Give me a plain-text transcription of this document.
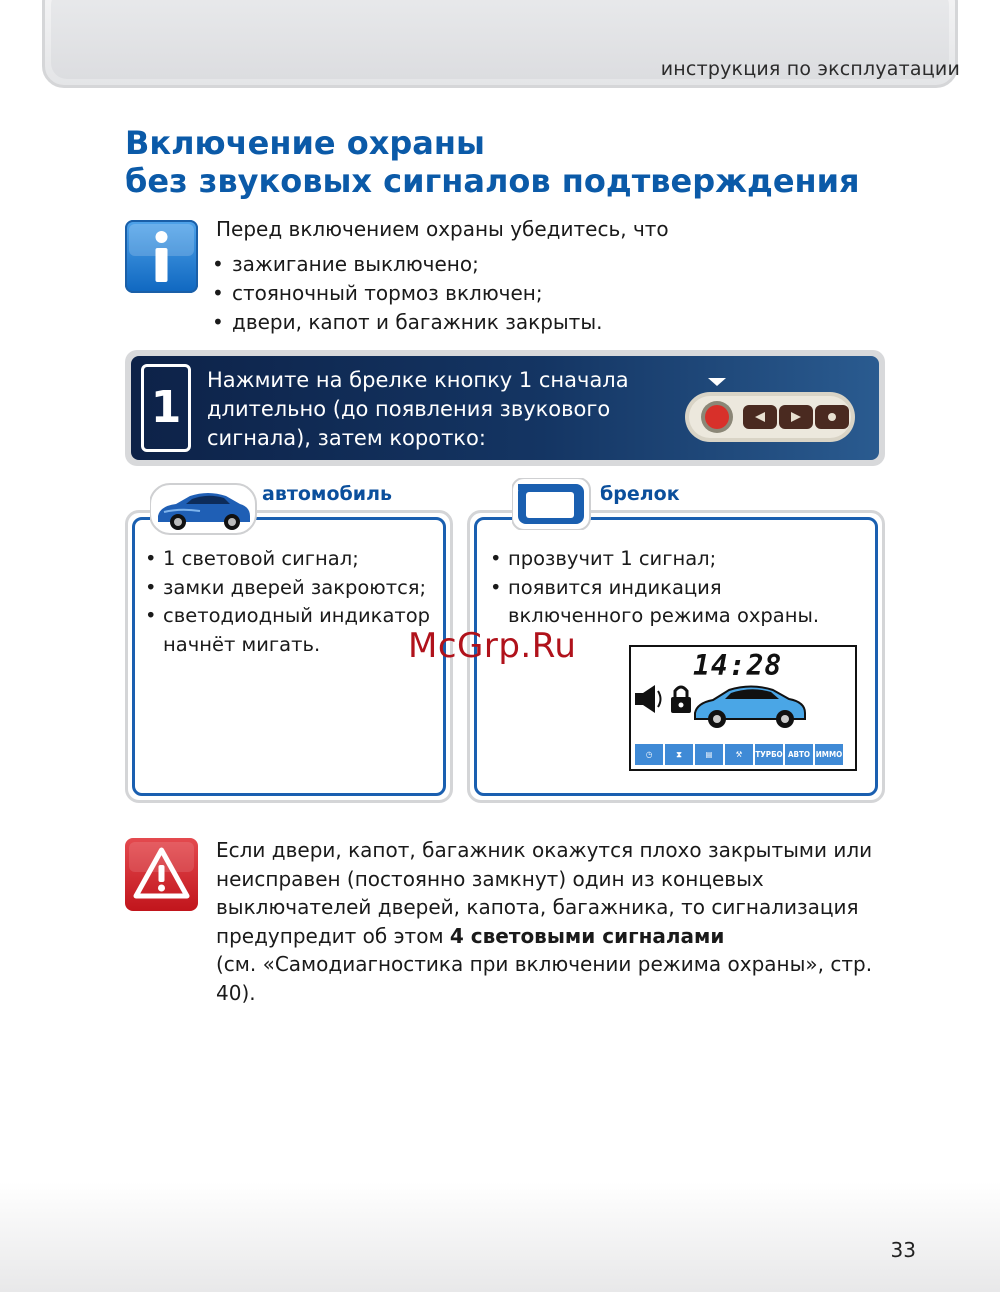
инструкция по эксплуатации
Включение охраны
без звуковых сигналов подтверждения
Перед включением охраны убедитесь, что
• зажигание выключено;
• стояночный тормоз включен;
• двери, капот и багажник закрыты.
1
Нажмите на брелке кнопку 1 сначала длительно (до появления звукового сигнала), затем коротко:
автомобиль
• 1 световой сигнал;
• замки дверей закроются;
• светодиодный индикатор начнёт мигать.
брелок
• прозвучит 1 сигнал;
• появится индикация включенного режима охраны.
14:28
◷	⧗	▤	⚒	ТУРБО АВТО ИММО
McGrp.Ru
Если двери, капот, багажник окажутся плохо закрытыми или неисправен (постоянно замкнут) один из концевых выключателей дверей, капота, багажника, то сигнализация предупредит об этом 4 световыми сигналами
(см. «Самодиагностика при включении режима охраны», стр. 40).
33
